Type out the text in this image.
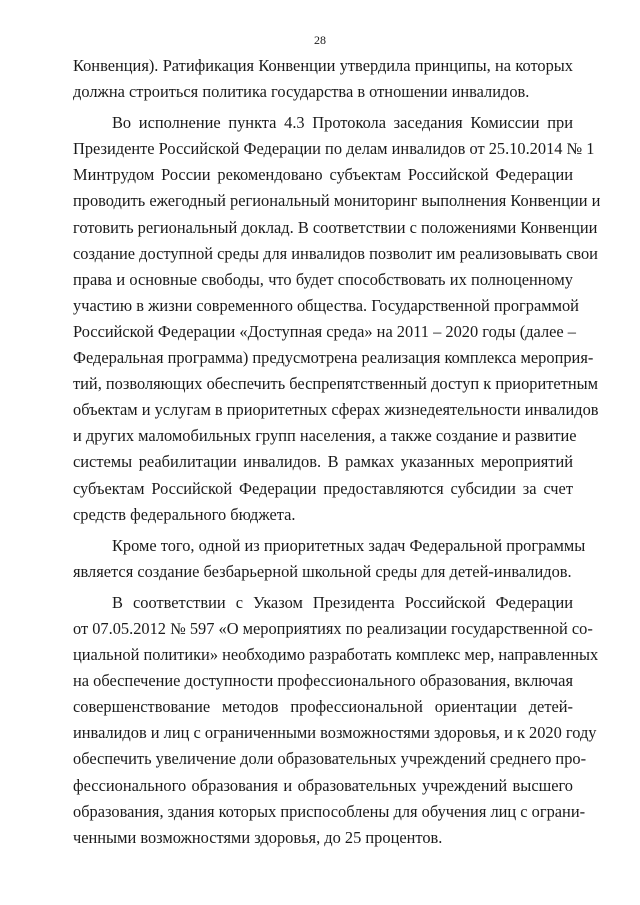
28
Конвенция). Ратификация Конвенции утвердила принципы, на которых
должна строиться политика государства в отношении инвалидов.
Во исполнение пункта 4.3 Протокола заседания Комиссии при
Президенте Российской Федерации по делам инвалидов от 25.10.2014 № 1
Минтрудом России рекомендовано субъектам Российской Федерации
проводить ежегодный региональный мониторинг выполнения Конвенции и
готовить региональный доклад. В соответствии с положениями Конвенции
создание доступной среды для инвалидов позволит им реализовывать свои
права и основные свободы, что будет способствовать их полноценному
участию в жизни современного общества. Государственной программой
Российской Федерации «Доступная среда» на 2011 – 2020 годы (далее –
Федеральная программа) предусмотрена реализация комплекса мероприя-
тий, позволяющих обеспечить беспрепятственный доступ к приоритетным
объектам и услугам в приоритетных сферах жизнедеятельности инвалидов
и других маломобильных групп населения, а также создание и развитие
системы реабилитации инвалидов. В рамках указанных мероприятий
субъектам Российской Федерации предоставляются субсидии за счет
средств федерального бюджета.
Кроме того, одной из приоритетных задач Федеральной программы
является создание безбарьерной школьной среды для детей-инвалидов.
В соответствии с Указом Президента Российской Федерации
от 07.05.2012 № 597 «О мероприятиях по реализации государственной со-
циальной политики» необходимо разработать комплекс мер, направленных
на обеспечение доступности профессионального образования, включая
совершенствование методов профессиональной ориентации детей-
инвалидов и лиц с ограниченными возможностями здоровья, и к 2020 году
обеспечить увеличение доли образовательных учреждений среднего про-
фессионального образования и образовательных учреждений высшего
образования, здания которых приспособлены для обучения лиц с ограни-
ченными возможностями здоровья, до 25 процентов.
